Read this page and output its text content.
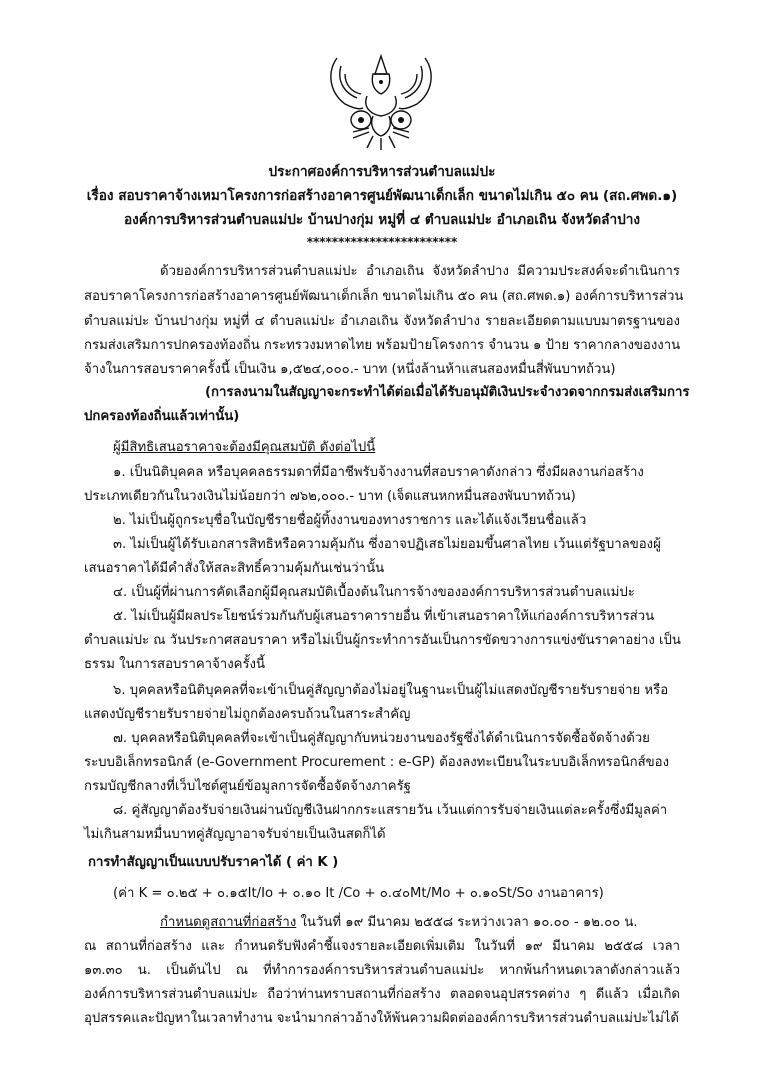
ประกาศองค์การบริหารส่วนตำบลแม่ปะ
เรื่อง สอบราคาจ้างเหมาโครงการก่อสร้างอาคารศูนย์พัฒนาเด็กเล็ก ขนาดไม่เกิน ๕๐ คน (สถ.ศพด.๑)
องค์การบริหารส่วนตำบลแม่ปะ บ้านปางกุ่ม หมู่ที่ ๔ ตำบลแม่ปะ อำเภอเถิน จังหวัดลำปาง
************************
ด้วยองค์การบริหารส่วนตำบลแม่ปะ อำเภอเถิน จังหวัดลำปาง มีความประสงค์จะดำเนินการ
สอบราคาโครงการก่อสร้างอาคารศูนย์พัฒนาเด็กเล็ก ขนาดไม่เกิน ๕๐ คน (สถ.ศพด.๑) องค์การบริหารส่วน
ตำบลแม่ปะ บ้านปางกุ่ม หมู่ที่ ๔ ตำบลแม่ปะ อำเภอเถิน จังหวัดลำปาง รายละเอียดตามแบบมาตรฐานของ
กรมส่งเสริมการปกครองท้องถิ่น กระทรวงมหาดไทย พร้อมป้ายโครงการ จำนวน ๑ ป้าย ราคากลางของงาน
จ้างในการสอบราคาครั้งนี้ เป็นเงิน ๑,๕๒๔,๐๐๐.- บาท (หนึ่งล้านห้าแสนสองหมื่นสี่พันบาทถ้วน)
(การลงนามในสัญญาจะกระทำได้ต่อเมื่อได้รับอนุมัติเงินประจำงวดจากกรมส่งเสริมการ
ปกครองท้องถิ่นแล้วเท่านั้น)
ผู้มีสิทธิเสนอราคาจะต้องมีคุณสมบัติ ดังต่อไปนี้
๑. เป็นนิติบุคคล หรือบุคคลธรรมดาที่มีอาชีพรับจ้างงานที่สอบราคาดังกล่าว ซึ่งมีผลงานก่อสร้าง
ประเภทเดียวกันในวงเงินไม่น้อยกว่า ๗๖๒,๐๐๐.- บาท (เจ็ดแสนหกหมื่นสองพันบาทถ้วน)
๒. ไม่เป็นผู้ถูกระบุชื่อในบัญชีรายชื่อผู้ทิ้งงานของทางราชการ และได้แจ้งเวียนชื่อแล้ว
๓. ไม่เป็นผู้ได้รับเอกสารสิทธิหรือความคุ้มกัน ซึ่งอาจปฏิเสธไม่ยอมขึ้นศาลไทย เว้นแต่รัฐบาลของผู้
เสนอราคาได้มีคำสั่งให้สละสิทธิ์ความคุ้มกันเช่นว่านั้น
๔. เป็นผู้ที่ผ่านการคัดเลือกผู้มีคุณสมบัติเบื้องต้นในการจ้างขององค์การบริหารส่วนตำบลแม่ปะ
๕. ไม่เป็นผู้มีผลประโยชน์ร่วมกันกับผู้เสนอราคารายอื่น ที่เข้าเสนอราคาให้แก่องค์การบริหารส่วน
ตำบลแม่ปะ ณ วันประกาศสอบราคา หรือไม่เป็นผู้กระทำการอันเป็นการขัดขวางการแข่งขันราคาอย่าง เป็น
ธรรม ในการสอบราคาจ้างครั้งนี้
๖. บุคคลหรือนิติบุคคลที่จะเข้าเป็นคู่สัญญาต้องไม่อยู่ในฐานะเป็นผู้ไม่แสดงบัญชีรายรับรายจ่าย หรือ
แสดงบัญชีรายรับรายจ่ายไม่ถูกต้องครบถ้วนในสาระสำคัญ
๗. บุคคลหรือนิติบุคคลที่จะเข้าเป็นคู่สัญญากับหน่วยงานของรัฐซึ่งได้ดำเนินการจัดซื้อจัดจ้างด้วย
ระบบอิเล็กทรอนิกส์ (e-Government Procurement : e-GP) ต้องลงทะเบียนในระบบอิเล็กทรอนิกส์ของ
กรมบัญชีกลางที่เว็บไซต์ศูนย์ข้อมูลการจัดซื้อจัดจ้างภาครัฐ
๘. คู่สัญญาต้องรับจ่ายเงินผ่านบัญชีเงินฝากกระแสรายวัน เว้นแต่การรับจ่ายเงินแต่ละครั้งซึ่งมีมูลค่า
ไม่เกินสามหมื่นบาทคู่สัญญาอาจรับจ่ายเป็นเงินสดก็ได้
การทำสัญญาเป็นแบบปรับราคาได้ ( ค่า K )
(ค่า K = ๐.๒๕ + ๐.๑๕It/Io + ๐.๑๐ It /Co + ๐.๔๐Mt/Mo + ๐.๑๐St/So งานอาคาร)
กำหนดดูสถานที่ก่อสร้าง ในวันที่ ๑๙ มีนาคม ๒๕๕๘ ระหว่างเวลา ๑๐.๐๐ - ๑๒.๐๐ น.
ณ สถานที่ก่อสร้าง และ กำหนดรับฟังคำชี้แจงรายละเอียดเพิ่มเติม ในวันที่ ๑๙ มีนาคม ๒๕๕๘ เวลา
๑๓.๓๐ น. เป็นต้นไป ณ ที่ทำการองค์การบริหารส่วนตำบลแม่ปะ หากพ้นกำหนดเวลาดังกล่าวแล้ว
องค์การบริหารส่วนตำบลแม่ปะ ถือว่าท่านทราบสถานที่ก่อสร้าง ตลอดจนอุปสรรคต่าง ๆ ดีแล้ว เมื่อเกิด
อุปสรรคและปัญหาในเวลาทำงาน จะนำมากล่าวอ้างให้พ้นความผิดต่อองค์การบริหารส่วนตำบลแม่ปะไม่ได้
